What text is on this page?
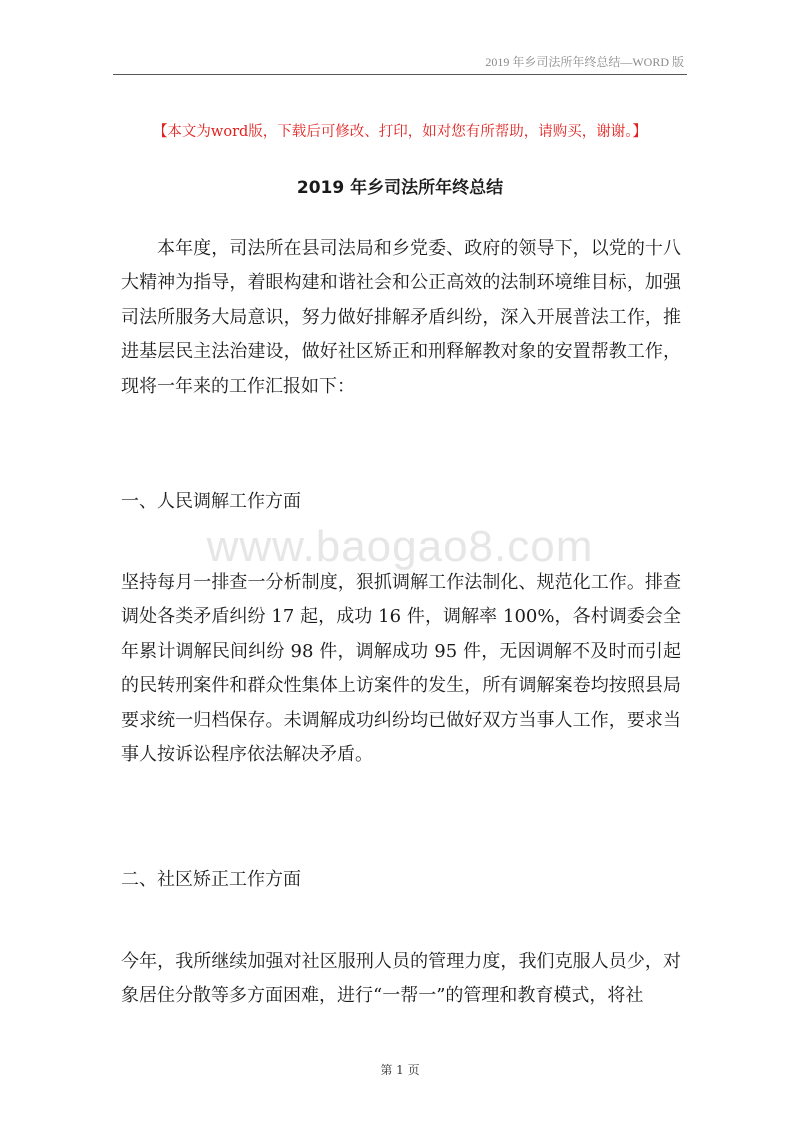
2019 年乡司法所年终总结—WORD 版
【本文为word版，下载后可修改、打印，如对您有所帮助，请购买，谢谢。】
2019 年乡司法所年终总结
本年度，司法所在县司法局和乡党委、政府的领导下，以党的十八大精神为指导，着眼构建和谐社会和公正高效的法制环境维目标，加强司法所服务大局意识，努力做好排解矛盾纠纷，深入开展普法工作，推进基层民主法治建设，做好社区矫正和刑释解教对象的安置帮教工作，现将一年来的工作汇报如下：
一、人民调解工作方面
www.baogao8.com
坚持每月一排查一分析制度，狠抓调解工作法制化、规范化工作。排查调处各类矛盾纠纷 17 起，成功 16 件，调解率 100%，各村调委会全年累计调解民间纠纷 98 件，调解成功 95 件，无因调解不及时而引起的民转刑案件和群众性集体上访案件的发生，所有调解案卷均按照县局要求统一归档保存。未调解成功纠纷均已做好双方当事人工作，要求当事人按诉讼程序依法解决矛盾。
二、社区矫正工作方面
今年，我所继续加强对社区服刑人员的管理力度，我们克服人员少，对象居住分散等多方面困难，进行“一帮一”的管理和教育模式，将社
第 1 页
